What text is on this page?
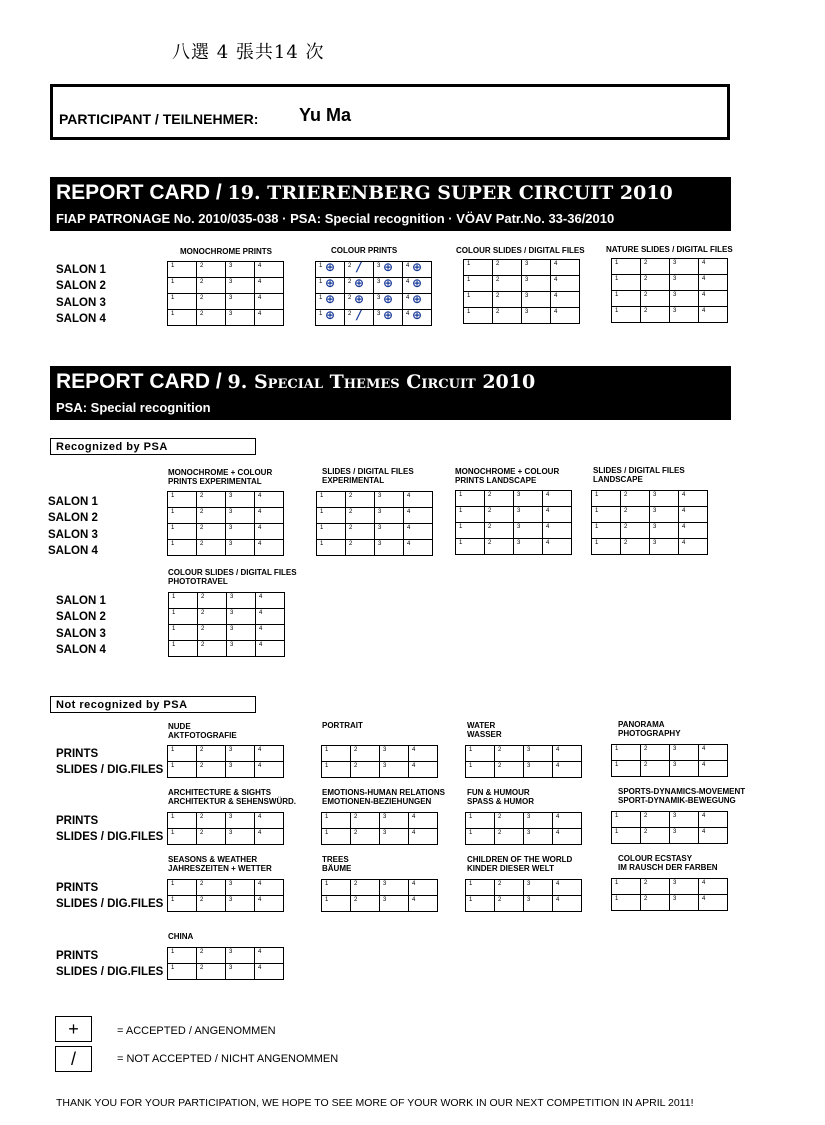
八選 4 張共14 次
PARTICIPANT / TEILNEHMER: Yu Ma
REPORT CARD / 19. TRIERENBERG SUPER CIRCUIT 2010
FIAP PATRONAGE No. 2010/035-038 · PSA: Special recognition · VÖAV Patr.No. 33-36/2010
MONOCHROME PRINTS	COLOUR PRINTS	COLOUR SLIDES / DIGITAL FILES	NATURE SLIDES / DIGITAL FILES
SALON 1
SALON 2
SALON 3
SALON 4
1	2	3	4

1	2	3	4

1	2	3	4

1	2	3	4
1 ⊕	2 /	3 ⊕	4 ⊕

1 ⊕	2 ⊕	3 ⊕	4 ⊕

1 ⊕	2 ⊕	3 ⊕	4 ⊕

1 ⊕	2 /	3 ⊕	4 ⊕
1	2	3	4

1	2	3	4

1	2	3	4

1	2	3	4
1	2	3	4

1	2	3	4

1	2	3	4

1	2	3	4
REPORT CARD / 9. Special Themes Circuit 2010
PSA: Special recognition
Recognized by PSA
MONOCHROME + COLOUR
PRINTS EXPERIMENTAL
SLIDES / DIGITAL FILES
EXPERIMENTAL
MONOCHROME + COLOUR
PRINTS LANDSCAPE
SLIDES / DIGITAL FILES
LANDSCAPE
SALON 1
SALON 2
SALON 3
SALON 4
1	2	3	4

1	2	3	4

1	2	3	4

1	2	3	4
1	2	3	4

1	2	3	4

1	2	3	4

1	2	3	4
1	2	3	4

1	2	3	4

1	2	3	4

1	2	3	4
1	2	3	4

1	2	3	4

1	2	3	4

1	2	3	4
COLOUR SLIDES / DIGITAL FILES
PHOTOTRAVEL
SALON 1
SALON 2
SALON 3
SALON 4
1	2	3	4

1	2	3	4

1	2	3	4

1	2	3	4
Not recognized by PSA
NUDE
AKTFOTOGRAFIE
PORTRAIT	WATER
WASSER
PANORAMA
PHOTOGRAPHY
PRINTS
SLIDES / DIG.FILES
1	2	3	4

1	2	3	4
1	2	3	4

1	2	3	4
1	2	3	4

1	2	3	4
1	2	3	4

1	2	3	4
ARCHITECTURE & SIGHTS
ARCHITEKTUR & SEHENSWÜRD.
EMOTIONS-HUMAN RELATIONS
EMOTIONEN-BEZIEHUNGEN
FUN & HUMOUR
SPASS & HUMOR
SPORTS-DYNAMICS-MOVEMENT
SPORT-DYNAMIK-BEWEGUNG
PRINTS
SLIDES / DIG.FILES
1	2	3	4

1	2	3	4
1	2	3	4

1	2	3	4
1	2	3	4

1	2	3	4
1	2	3	4

1	2	3	4
SEASONS & WEATHER
JAHRESZEITEN + WETTER
TREES
BÄUME
CHILDREN OF THE WORLD
KINDER DIESER WELT
COLOUR ECSTASY
IM RAUSCH DER FARBEN
PRINTS
SLIDES / DIG.FILES
1	2	3	4

1	2	3	4
1	2	3	4

1	2	3	4
1	2	3	4

1	2	3	4
1	2	3	4

1	2	3	4
CHINA
PRINTS
SLIDES / DIG.FILES
1	2	3	4

1	2	3	4
+	= ACCEPTED / ANGENOMMEN
/	= NOT ACCEPTED / NICHT ANGENOMMEN
THANK YOU FOR YOUR PARTICIPATION, WE HOPE TO SEE MORE OF YOUR WORK IN OUR NEXT COMPETITION IN APRIL 2011!
